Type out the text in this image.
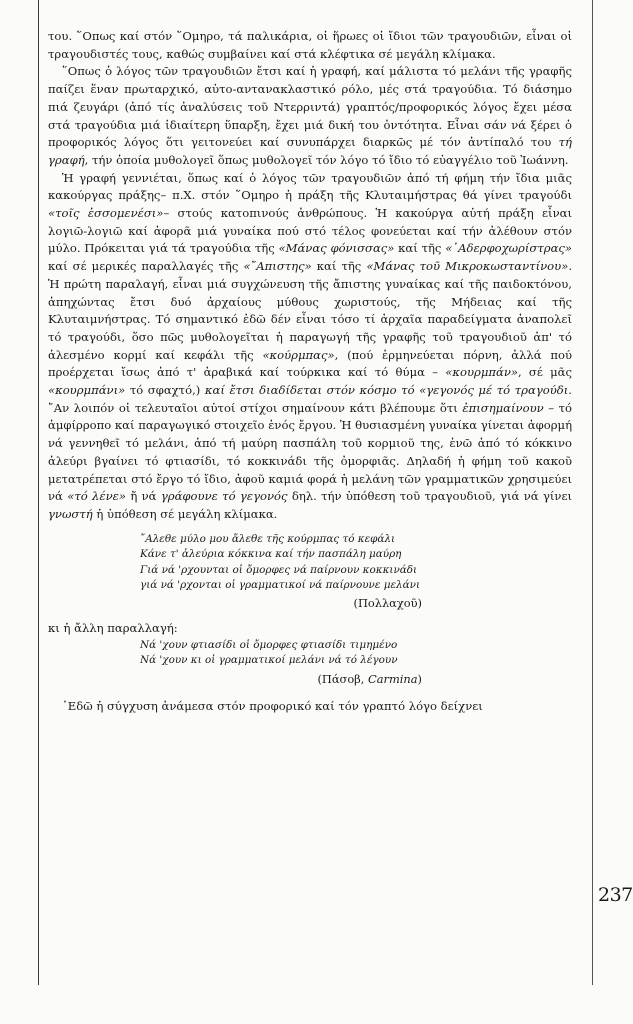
του. ῞Οπως καί στόν ῞Ομηρο, τά παλικάρια, οἱ ἥρωες οἱ ἴδιοι τῶν τραγουδιῶν, εἶναι οἱ τραγουδιστές τους, καθώς συμβαίνει καί στά κλέφτικα σέ μεγάλη κλίμακα.

῞Οπως ὁ λόγος τῶν τραγουδιῶν ἔτσι καί ἡ γραφή, καί μάλιστα τό μελάνι τῆς γραφῆς παίζει ἕναν πρωταρχικό, αὐτο-αντανακλαστικό ρόλο, μές στά τραγούδια. Τό διάσημο πιά ζευγάρι (ἀπό τίς ἀναλύσεις τοῦ Ντερριντά) γραπτός/προφορικός λόγος ἔχει μέσα στά τραγούδια μιά ἰδιαίτερη ὕπαρξη, ἔχει μιά δική του ὀντότητα. Εἶναι σάν νά ξέρει ὁ προφορικός λόγος ὅτι γειτονεύει καί συνυπάρχει διαρκῶς μέ τόν ἀντίπαλό του τή γραφή, τήν ὁποία μυθολογεῖ ὅπως μυθολογεῖ τόν λόγο τό ἴδιο τό εὐαγγέλιο τοῦ Ἰωάννη.

Ἡ γραφή γεννιέται, ὅπως καί ὁ λόγος τῶν τραγουδιῶν ἀπό τή φήμη τήν ἴδια μιᾶς κακούργας πράξης– π.Χ. στόν ῞Ομηρο ἡ πράξη τῆς Κλυταιμήστρας θά γίνει τραγούδι «τοῖς ἐσσομενέσι»– στούς κατοπινούς ἀνθρώπους. Ἡ κακούργα αὐτή πράξη εἶναι λογιῶ-λογιῶ καί ἀφορᾶ μιά γυναίκα πού στό τέλος φονεύεται καί τήν ἀλέθουν στόν μύλο. Πρόκειται γιά τά τραγούδια τῆς «Μάνας φόνισσας» καί τῆς «᾿Αδερφοχωρίστρας» καί σέ μερικές παραλλαγές τῆς «῎Απιστης» καί τῆς «Μάνας τοῦ Μικροκωσταντίνου». Ἡ πρώτη παραλαγή, εἶναι μιά συγχώνευση τῆς ἄπιστης γυναίκας καί τῆς παιδοκτόνου, ἀπηχώντας ἔτσι δυό ἀρχαίους μύθους χωριστούς, τῆς Μήδειας καί τῆς Κλυταιμνήστρας. Τό σημαντικό ἐδῶ δέν εἶναι τόσο τί ἀρχαῖα παραδείγματα ἀναπολεῖ τό τραγούδι, ὅσο πῶς μυθολογεῖται ἡ παραγωγή τῆς γραφῆς τοῦ τραγουδιοῦ ἀπ' τό ἀλεσμένο κορμί καί κεφάλι τῆς «κούρμπας», (πού ἑρμηνεύεται πόρνη, ἀλλά πού προέρχεται ἴσως ἀπό τ' ἀραβικά καί τούρκικα καί τό θύμα – «κουρμπάν», σέ μᾶς «κουρμπάνι» τό σφαχτό,) καί ἔτσι διαδίδεται στόν κόσμο τό «γεγονός μέ τό τραγούδι. ῎Αν λοιπόν οἱ τελευταῖοι αὐτοί στίχοι σημαίνουν κάτι βλέπουμε ὅτι ἐπισημαίνουν – τό ἀμφίρροπο καί παραγωγικό στοιχεῖο ἑνός ἔργου. Ἡ θυσιασμένη γυναίκα γίνεται ἀφορμή νά γεννηθεῖ τό μελάνι, ἀπό τή μαύρη πασπάλη τοῦ κορμιοῦ της, ἐνῶ ἀπό τό κόκκινο ἀλεύρι βγαίνει τό φτιασίδι, τό κοκκινάδι τῆς ὀμορφιᾶς. Δηλαδή ἡ φήμη τοῦ κακοῦ μετατρέπεται στό ἔργο τό ἴδιο, ἀφοῦ καμιά φορά ἡ μελάνη τῶν γραμματικῶν χρησιμεύει νά «τό λένε» ἤ νά γράφουνε τό γεγονός δηλ. τήν ὑπόθεση τοῦ τραγουδιοῦ, γιά νά γίνει γνωστή ἡ ὑπόθεση σέ μεγάλη κλίμακα.

῎Αλεθε μύλο μου ἄλεθε τῆς κούρμπας τό κεφάλι
Κάνε τ' ἀλεύρια κόκκινα καί τήν πασπάλη μαύρη
Γιά νά 'ρχουνται οἱ ὄμορφες νά παίρνουν κοκκινάδι
γιά νά 'ρχονται οἱ γραμματικοί νά παίρνουνε μελάνι
(Πολλαχοῦ)

κι ἡ ἄλλη παραλλαγή:

Νά 'χουν φτιασίδι οἱ ὄμορφες φτιασίδι τιμημένο
Νά 'χουν κι οἱ γραμματικοί μελάνι νά τό λέγουν
(Πάσοβ, Carmina)

᾿Εδῶ ἡ σύγχυση ἀνάμεσα στόν προφορικό καί τόν γραπτό λόγο δείχνει

237
